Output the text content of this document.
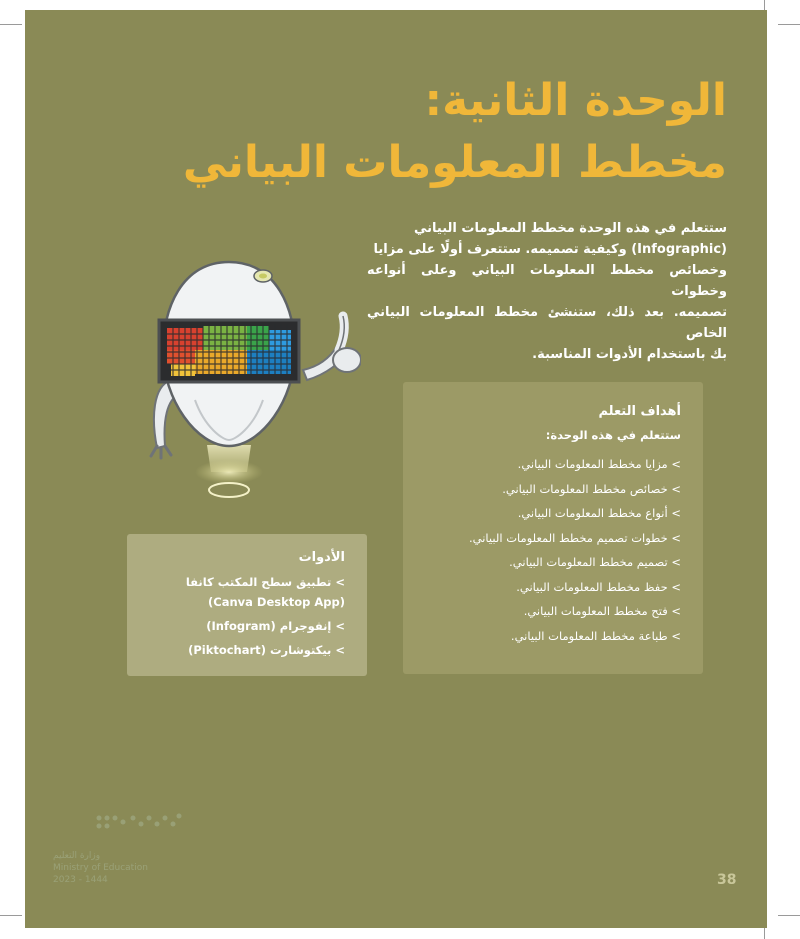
الوحدة الثانية:
مخطط المعلومات البياني
ستتعلم في هذه الوحدة مخطط المعلومات البياني
(Infographic) وكيفية تصميمه. ستتعرف أولًا على مزايا
وخصائص مخطط المعلومات البياني وعلى أنواعه وخطوات
تصميمه. بعد ذلك، ستنشئ مخطط المعلومات البياني الخاص
بك باستخدام الأدوات المناسبة.
أهداف التعلم
ستتعلم في هذه الوحدة:
> مزايا مخطط المعلومات البياني.
> خصائص مخطط المعلومات البياني.
> أنواع مخطط المعلومات البياني.
> خطوات تصميم مخطط المعلومات البياني.
> تصميم مخطط المعلومات البياني.
> حفظ مخطط المعلومات البياني.
> فتح مخطط المعلومات البياني.
> طباعة مخطط المعلومات البياني.
الأدوات
> تطبيق سطح المكتب كانفا
(Canva Desktop App)
> إنفوجرام (Infogram)
> بيكتوشارت (Piktochart)
وزارة التعليم
Ministry of Education
2023 - 1444	38
